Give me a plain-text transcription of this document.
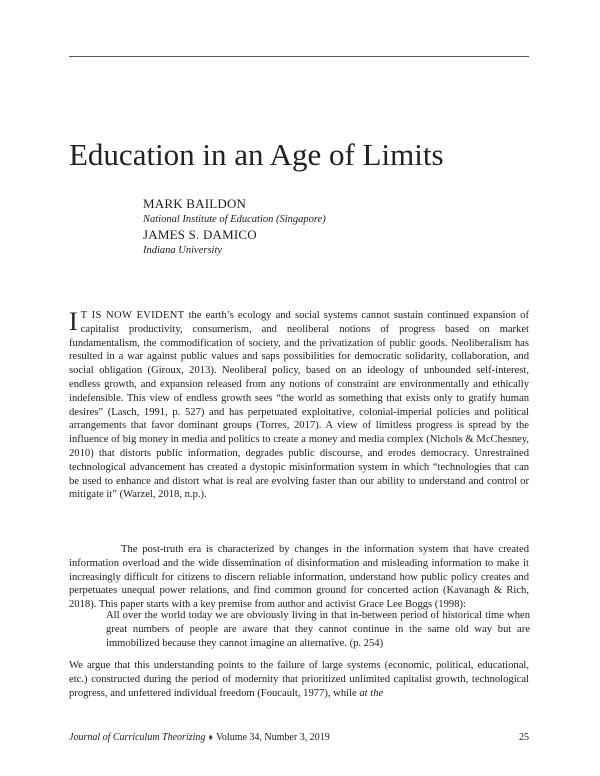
Education in an Age of Limits

MARK BAILDON

National Institute of Education (Singapore)

JAMES S. DAMICO

Indiana University

I T IS NOW EVIDENT the earth’s ecology and social systems cannot sustain continued expansion of capitalist productivity, consumerism, and neoliberal notions of progress based on market fundamentalism, the commodification of society, and the privatization of public goods. Neoliberalism has resulted in a war against public values and saps possibilities for democratic solidarity, collaboration, and social obligation (Giroux, 2013). Neoliberal policy, based on an ideology of unbounded self-interest, endless growth, and expansion released from any notions of constraint are environmentally and ethically indefensible. This view of endless growth sees “the world as something that exists only to gratify human desires” (Lasch, 1991, p. 527) and has perpetuated exploitative, colonial-imperial policies and political arrangements that favor dominant groups (Torres, 2017). A view of limitless progress is spread by the influence of big money in media and politics to create a money and media complex (Nichols & McChesney, 2010) that distorts public information, degrades public discourse, and erodes democracy. Unrestrained technological advancement has created a dystopic misinformation system in which “technologies that can be used to enhance and distort what is real are evolving faster than our ability to understand and control or mitigate it” (Warzel, 2018, n.p.).

The post-truth era is characterized by changes in the information system that have created information overload and the wide dissemination of disinformation and misleading information to make it increasingly difficult for citizens to discern reliable information, understand how public policy creates and perpetuates unequal power relations, and find common ground for concerted action (Kavanagh & Rich, 2018). This paper starts with a key premise from author and activist Grace Lee Boggs (1998):

All over the world today we are obviously living in that in-between period of historical time when great numbers of people are aware that they cannot continue in the same old way but are immobilized because they cannot imagine an alternative. (p. 254)

We argue that this understanding points to the failure of large systems (economic, political, educational, etc.) constructed during the period of modernity that prioritized unlimited capitalist growth, technological progress, and unfettered individual freedom (Foucault, 1977), while at the

Journal of Curriculum Theorizing ♦ Volume 34, Number 3, 2019	25
